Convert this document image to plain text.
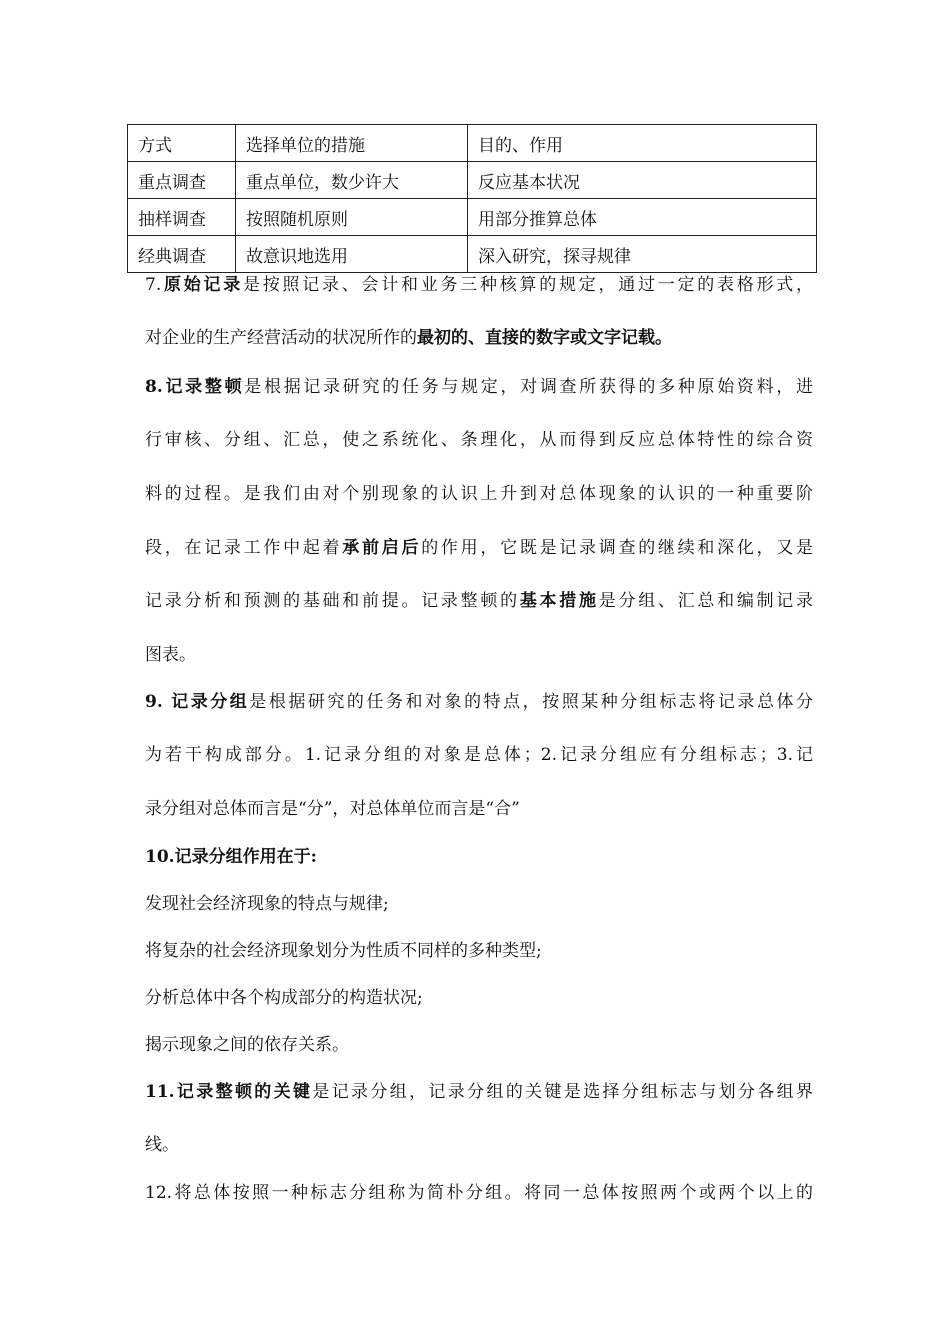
方式	选择单位的措施	目的、作用
重点调查	重点单位，数少许大	反应基本状况
抽样调查	按照随机原则	用部分推算总体
经典调查	故意识地选用	深入研究，探寻规律
7.原始记录是按照记录、会计和业务三种核算的规定，通过一定的表格形式，
对企业的生产经营活动的状况所作的最初的、直接的数字或文字记载。
8.记录整顿是根据记录研究的任务与规定，对调查所获得的多种原始资料，进
行审核、分组、汇总，使之系统化、条理化，从而得到反应总体特性的综合资
料的过程。是我们由对个别现象的认识上升到对总体现象的认识的一种重要阶
段，在记录工作中起着承前启后的作用，它既是记录调查的继续和深化，又是
记录分析和预测的基础和前提。记录整顿的基本措施是分组、汇总和编制记录
图表。
9. 记录分组是根据研究的任务和对象的特点，按照某种分组标志将记录总体分
为若干构成部分。1.记录分组的对象是总体；2.记录分组应有分组标志；3.记
录分组对总体而言是“分”，对总体单位而言是“合”
10.记录分组作用在于:
发现社会经济现象的特点与规律;
将复杂的社会经济现象划分为性质不同样的多种类型;
分析总体中各个构成部分的构造状况;
揭示现象之间的依存关系。
11.记录整顿的关键是记录分组，记录分组的关键是选择分组标志与划分各组界
线。
12.将总体按照一种标志分组称为简朴分组。将同一总体按照两个或两个以上的
